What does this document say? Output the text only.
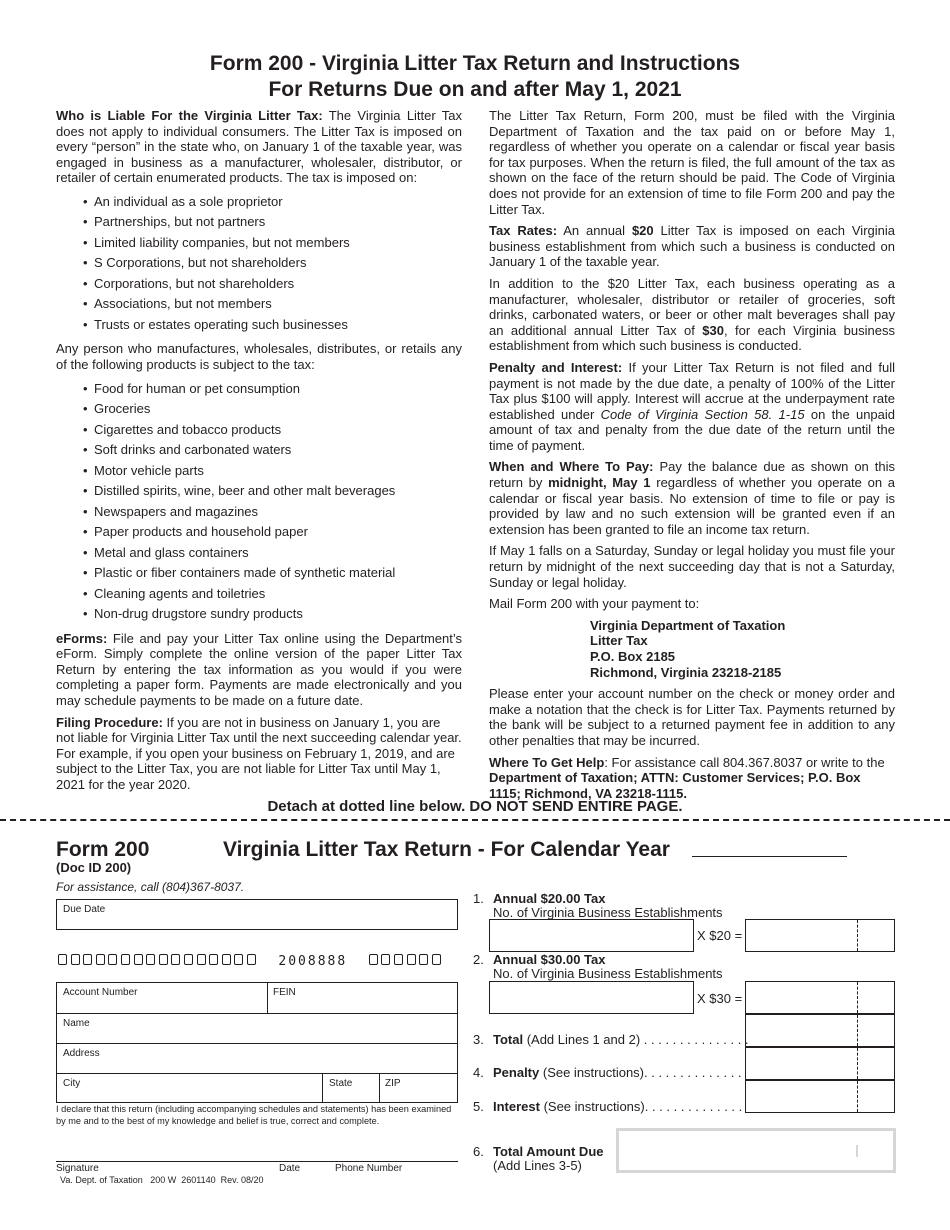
Form 200 - Virginia Litter Tax Return and Instructions
For Returns Due on and after May 1, 2021

Who is Liable For the Virginia Litter Tax: The Virginia Litter Tax does not apply to individual consumers. The Litter Tax is imposed on every “person” in the state who, on January 1 of the taxable year, was engaged in business as a manufacturer, wholesaler, distributor, or retailer of certain enumerated products. The tax is imposed on:

• An individual as a sole proprietor
• Partnerships, but not partners
• Limited liability companies, but not members
• S Corporations, but not shareholders
• Corporations, but not shareholders
• Associations, but not members
• Trusts or estates operating such businesses

Any person who manufactures, wholesales, distributes, or retails any of the following products is subject to the tax:

• Food for human or pet consumption
• Groceries
• Cigarettes and tobacco products
• Soft drinks and carbonated waters
• Motor vehicle parts
• Distilled spirits, wine, beer and other malt beverages
• Newspapers and magazines
• Paper products and household paper
• Metal and glass containers
• Plastic or fiber containers made of synthetic material
• Cleaning agents and toiletries
• Non-drug drugstore sundry products

eForms: File and pay your Litter Tax online using the Department’s eForm. Simply complete the online version of the paper Litter Tax Return by entering the tax information as you would if you were completing a paper form. Payments are made electronically and you may schedule payments to be made on a future date.

Filing Procedure: If you are not in business on January 1, you are not liable for Virginia Litter Tax until the next succeeding calendar year. For example, if you open your business on February 1, 2019, and are subject to the Litter Tax, you are not liable for Litter Tax until May 1, 2021 for the year 2020.

The Litter Tax Return, Form 200, must be filed with the Virginia Department of Taxation and the tax paid on or before May 1, regardless of whether you operate on a calendar or fiscal year basis for tax purposes. When the return is filed, the full amount of the tax as shown on the face of the return should be paid. The Code of Virginia does not provide for an extension of time to file Form 200 and pay the Litter Tax.

Tax Rates: An annual $20 Litter Tax is imposed on each Virginia business establishment from which such a business is conducted on January 1 of the taxable year.

In addition to the $20 Litter Tax, each business operating as a manufacturer, wholesaler, distributor or retailer of groceries, soft drinks, carbonated waters, or beer or other malt beverages shall pay an additional annual Litter Tax of $30, for each Virginia business establishment from which such business is conducted.

Penalty and Interest: If your Litter Tax Return is not filed and full payment is not made by the due date, a penalty of 100% of the Litter Tax plus $100 will apply. Interest will accrue at the underpayment rate established under Code of Virginia Section 58. 1-15 on the unpaid amount of tax and penalty from the due date of the return until the time of payment.

When and Where To Pay: Pay the balance due as shown on this return by midnight, May 1 regardless of whether you operate on a calendar or fiscal year basis. No extension of time to file or pay is provided by law and no such extension will be granted even if an extension has been granted to file an income tax return.

If May 1 falls on a Saturday, Sunday or legal holiday you must file your return by midnight of the next succeeding day that is not a Saturday, Sunday or legal holiday.

Mail Form 200 with your payment to:

Virginia Department of Taxation
Litter Tax
P.O. Box 2185
Richmond, Virginia 23218-2185

Please enter your account number on the check or money order and make a notation that the check is for Litter Tax. Payments returned by the bank will be subject to a returned payment fee in addition to any other penalties that may be incurred.

Where To Get Help: For assistance call 804.367.8037 or write to the Department of Taxation; ATTN: Customer Services; P.O. Box 1115; Richmond, VA 23218-1115.

Detach at dotted line below. DO NOT SEND ENTIRE PAGE.
Form 200
(Doc ID 200)
Virginia Litter Tax Return - For Calendar Year
For assistance, call (804)367-8037.
Due Date
2008888
Account Number	FEIN
Name
Address
City	State	ZIP
I declare that this return (including accompanying schedules and statements) has been examined by me and to the best of my knowledge and belief is true, correct and complete.
Signature	Date	Phone Number
Va. Dept. of Taxation   200 W  2601140  Rev. 08/20
1. Annual $20.00 Tax
No. of Virginia Business Establishments
X $20 =
2. Annual $30.00 Tax
No. of Virginia Business Establishments
X $30 =
3. Total (Add Lines 1 and 2) . . . . . . . . . . . . . . .
4. Penalty (See instructions). . . . . . . . . . . . . .
5. Interest (See instructions). . . . . . . . . . . . . .
6. Total Amount Due
(Add Lines 3-5)
